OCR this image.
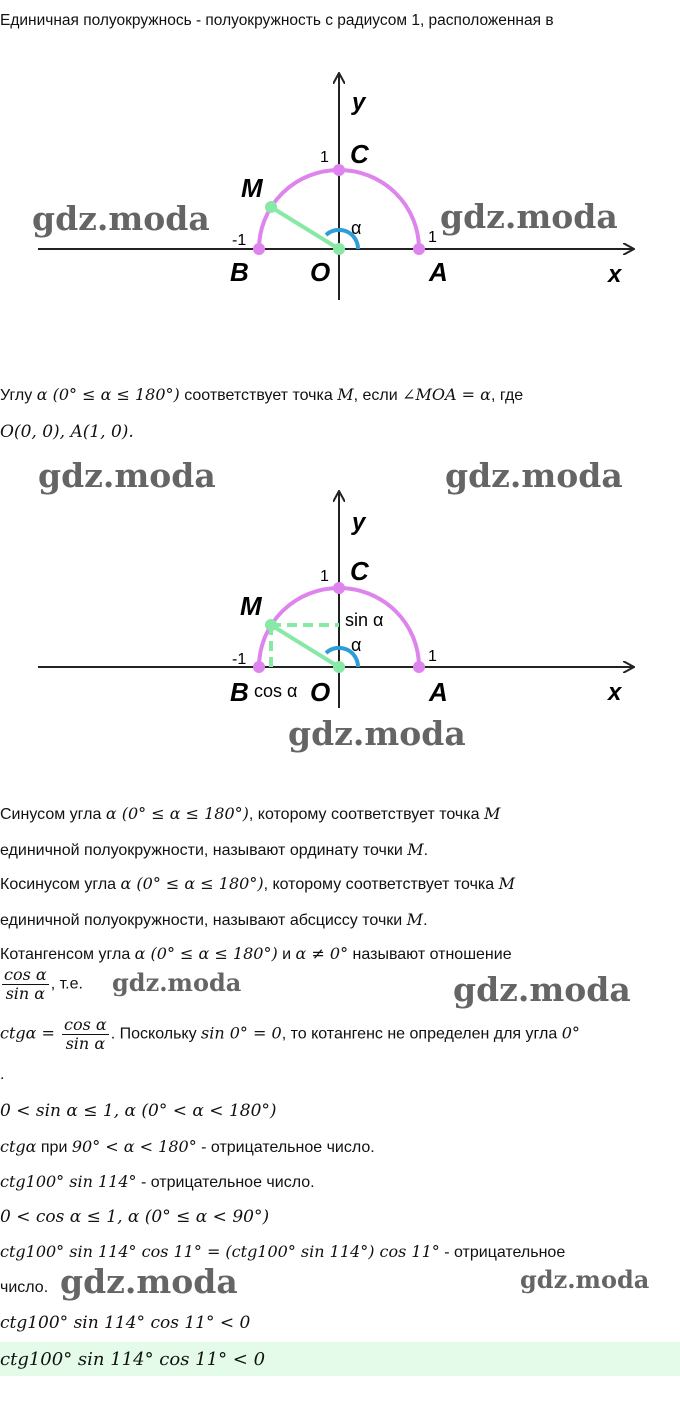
Единичная полуокружнось - полуокружность с радиусом 1, расположенная в
y
x
C
1
M
-1	1
α
B O	A
gdz.moda	gdz.moda
Углу α (0° ≤ α ≤ 180°) соответствует точка M, если ∠MOA = α, где
O(0, 0), A(1, 0).
gdz.moda	gdz.moda
y
x
C
1
M	sin α
α
-1	1
B cos α O	A
gdz.moda
Синусом угла α (0° ≤ α ≤ 180°), которому соответствует точка M
единичной полуокружности, называют ординату точки M.
Косинусом угла α (0° ≤ α ≤ 180°), которому соответствует точка M
единичной полуокружности, называют абсциссу точки M.
Котангенсом угла α (0° ≤ α ≤ 180°) и α ≠ 0° называют отношение
$\frac{\text{cos α}}{\text{sin α}}$ , т.е. gdz.moda	gdz.moda
$ctg\alpha = \frac{\text{cos α}}{\text{sin α}}$ . Поскольку sin 0° = 0, то котангенс не определен для угла 0°
.
0 < sin α ≤ 1, α (0° < α < 180°)
ctgα при 90° < α < 180° - отрицательное число.
ctg100° sin 114° - отрицательное число.
0 < cos α ≤ 1, α (0° ≤ α < 90°)
ctg100° sin 114° cos 11° = (ctg100° sin 114°) cos 11° - отрицательное
число. gdz.moda	gdz.moda
ctg100° sin 114° cos 11° < 0
ctg100° sin 114° cos 11° < 0
